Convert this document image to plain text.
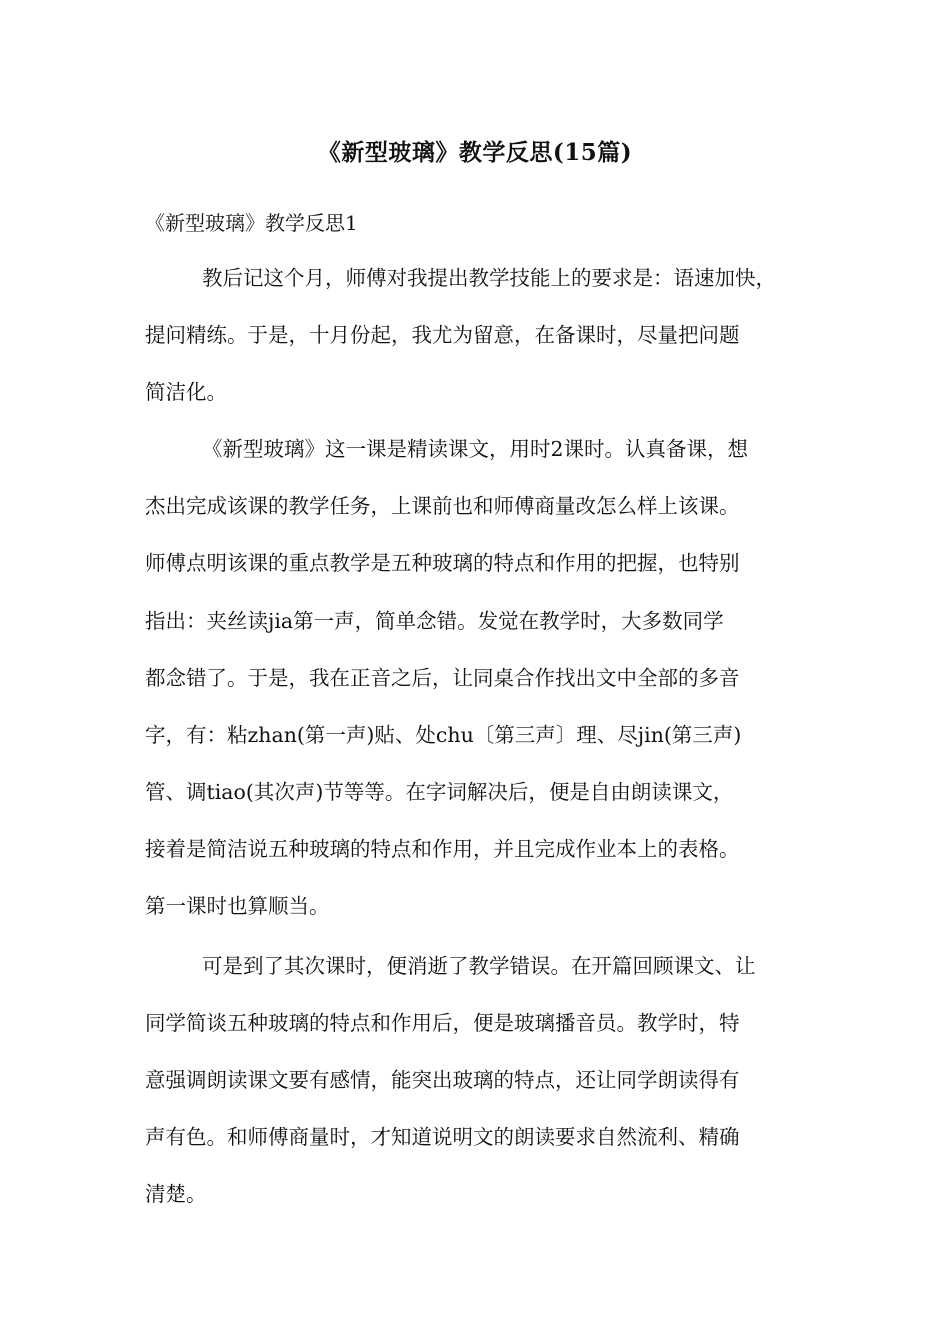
《新型玻璃》教学反思(15篇)
《新型玻璃》教学反思1

教后记这个月，师傅对我提出教学技能上的要求是：语速加快，

提问精练。于是，十月份起，我尤为留意，在备课时，尽量把问题

简洁化。

《新型玻璃》这一课是精读课文，用时2课时。认真备课，想

杰出完成该课的教学任务，上课前也和师傅商量改怎么样上该课。

师傅点明该课的重点教学是五种玻璃的特点和作用的把握，也特别

指出：夹丝读jia第一声，简单念错。发觉在教学时，大多数同学

都念错了。于是，我在正音之后，让同桌合作找出文中全部的多音

字，有：粘zhan(第一声)贴、处chu〔第三声〕理、尽jin(第三声)

管、调tiao(其次声)节等等。在字词解决后，便是自由朗读课文，

接着是简洁说五种玻璃的特点和作用，并且完成作业本上的表格。

第一课时也算顺当。

可是到了其次课时，便消逝了教学错误。在开篇回顾课文、让

同学简谈五种玻璃的特点和作用后，便是玻璃播音员。教学时，特

意强调朗读课文要有感情，能突出玻璃的特点，还让同学朗读得有

声有色。和师傅商量时，才知道说明文的朗读要求自然流利、精确

清楚。
